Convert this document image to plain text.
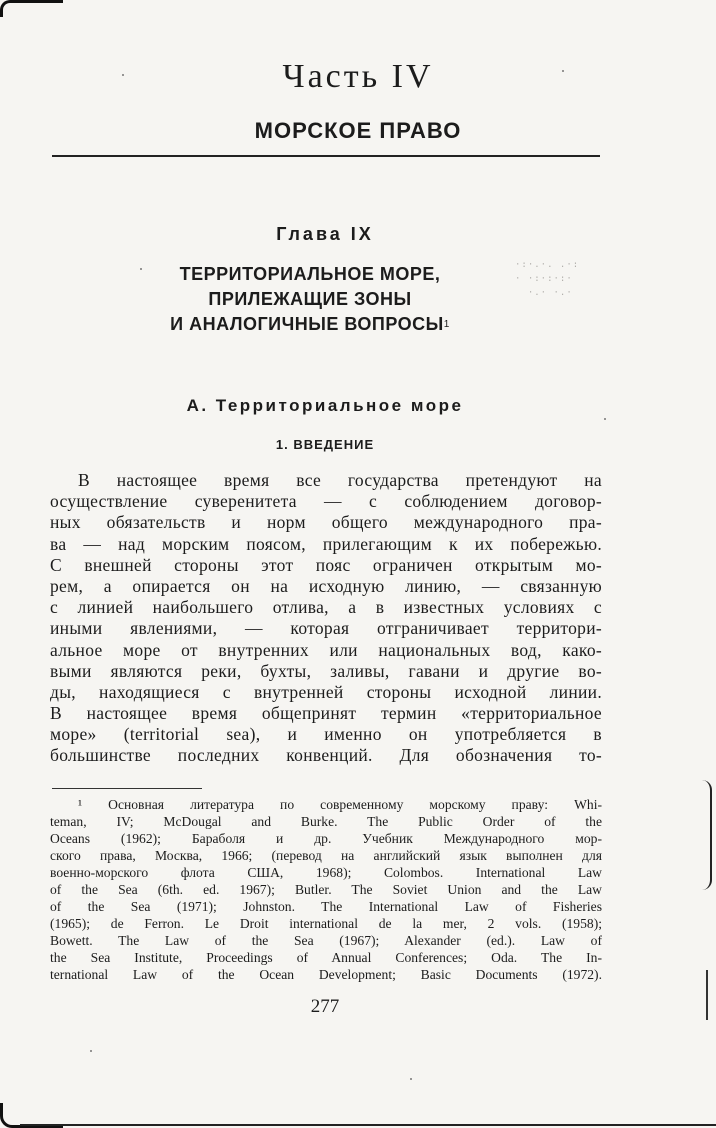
Часть IV
МОРСКОЕ ПРАВО
Глава IX
ТЕРРИТОРИАЛЬНОЕ МОРЕ,
ПРИЛЕЖАЩИЕ ЗОНЫ
И АНАЛОГИЧНЫЕ $ВОПРОСЫ^1$
·:·.·. .·:
· ·:·:·:·
·.· ·.·
А. Территориальное море
1. ВВЕДЕНИЕ
В настоящее время все государства претендуют на
осуществление суверенитета — с соблюдением договор-
ных обязательств и норм общего международного пра-
ва — над морским поясом, прилегающим к их побережью.
С внешней стороны этот пояс ограничен открытым мо-
рем, а опирается он на исходную линию, — связанную
с линией наибольшего отлива, а в известных условиях с
иными явлениями, — которая отграничивает территори-
альное море от внутренних или национальных вод, како-
выми являются реки, бухты, заливы, гавани и другие во-
ды, находящиеся с внутренней стороны исходной линии.
В настоящее время общепринят термин «территориальное
море» (territorial sea), и именно он употребляется в
большинстве последних конвенций. Для обозначения то-
¹ Основная литература по современному морскому праву: Whi-
teman, IV; McDougal and Burke. The Public Order of the
Oceans (1962); Бараболя и др. Учебник Международного мор-
ского права, Москва, 1966; (перевод на английский язык выполнен для
военно-морского флота США, 1968); Colombos. International Law
of the Sea (6th. ed. 1967); Butler. The Soviet Union and the Law
of the Sea (1971); Johnston. The International Law of Fisheries
(1965); de Ferron. Le Droit international de la mer, 2 vols. (1958);
Bowett. The Law of the Sea (1967); Alexander (ed.). Law of
the Sea Institute, Proceedings of Annual Conferences; Oda. The In-
ternational Law of the Ocean Development; Basic Documents (1972).
277
